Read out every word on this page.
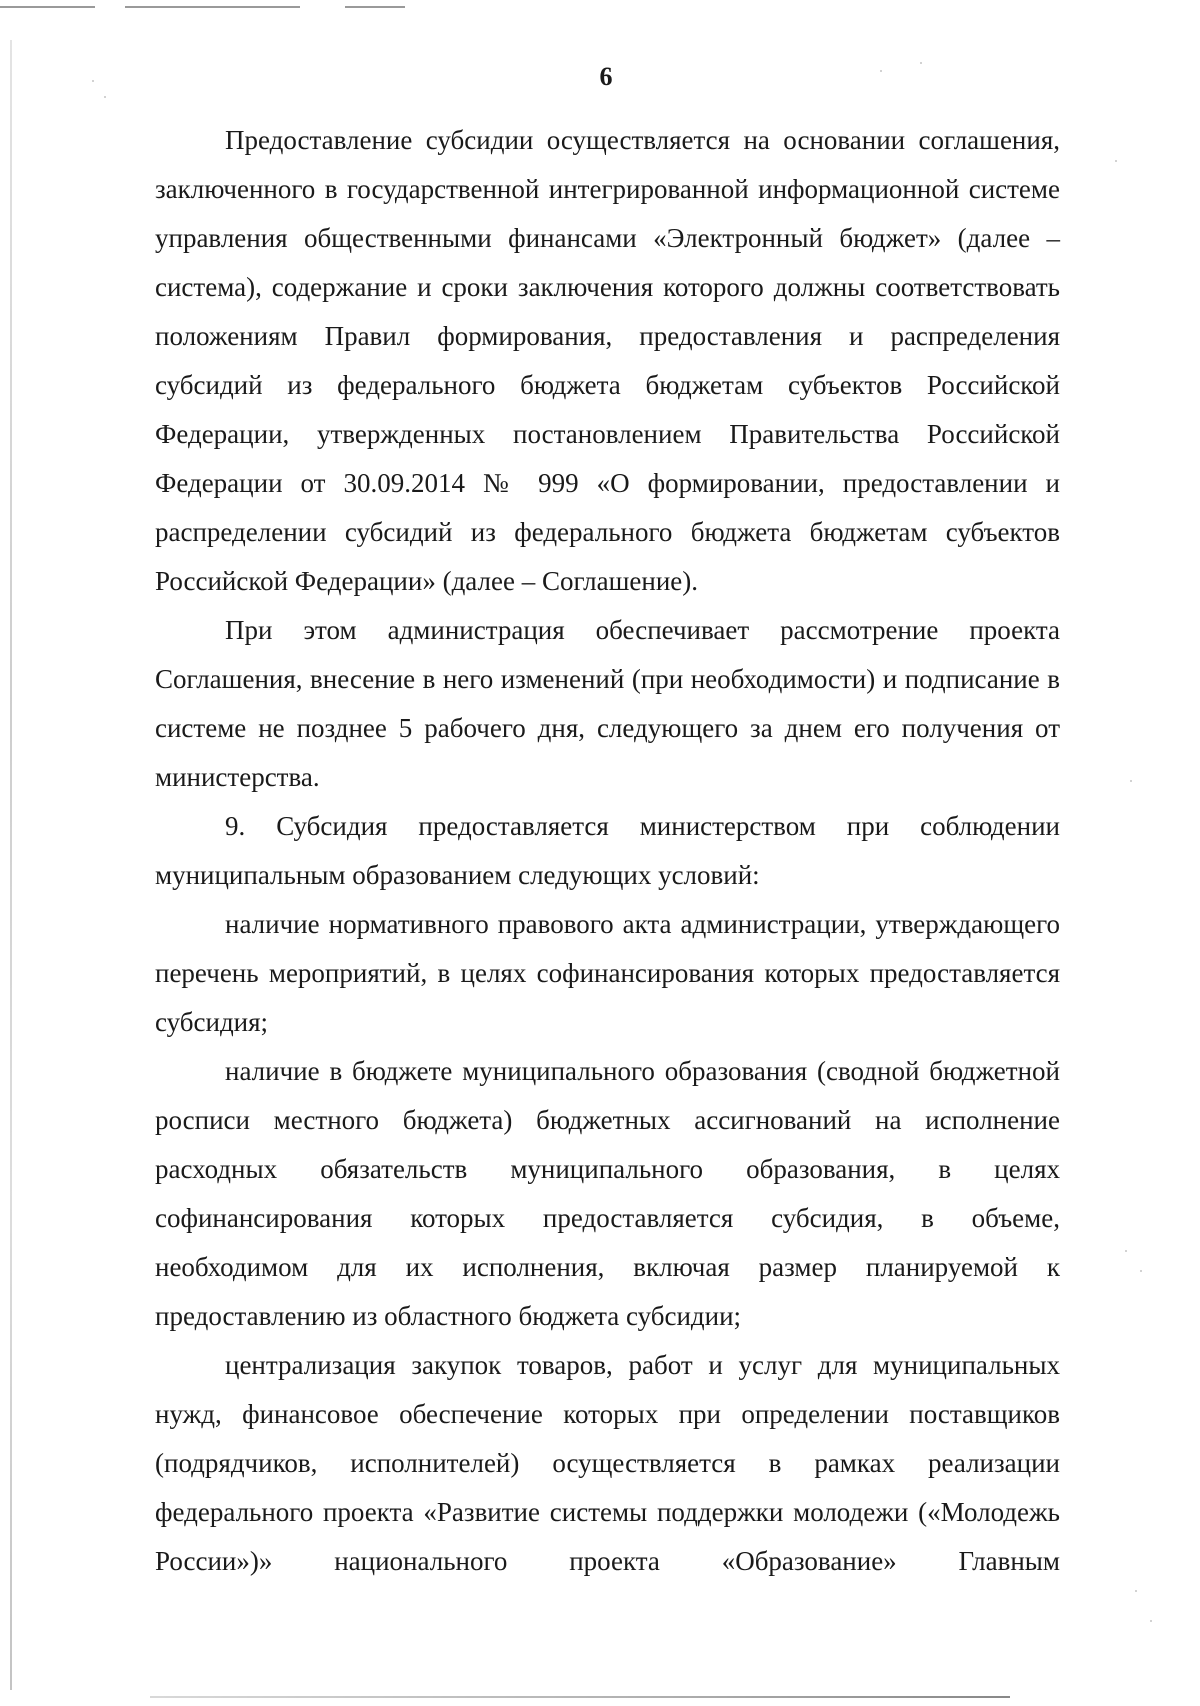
6

Предоставление субсидии осуществляется на основании соглашения, заключенного в государственной интегрированной информационной системе управления общественными финансами «Электронный бюджет» (далее – система), содержание и сроки заключения которого должны соответствовать положениям Правил формирования, предоставления и распределения субсидий из федерального бюджета бюджетам субъектов Российской Федерации, утвержденных постановлением Правительства Российской Федерации от 30.09.2014 № 999 «О формировании, предоставлении и распределении субсидий из федерального бюджета бюджетам субъектов Российской Федерации» (далее – Соглашение).

При этом администрация обеспечивает рассмотрение проекта Соглашения, внесение в него изменений (при необходимости) и подписание в системе не позднее 5 рабочего дня, следующего за днем его получения от министерства.

9. Субсидия предоставляется министерством при соблюдении муниципальным образованием следующих условий:

наличие нормативного правового акта администрации, утверждающего перечень мероприятий, в целях софинансирования которых предоставляется субсидия;

наличие в бюджете муниципального образования (сводной бюджетной росписи местного бюджета) бюджетных ассигнований на исполнение расходных обязательств муниципального образования, в целях софинансирования которых предоставляется субсидия, в объеме, необходимом для их исполнения, включая размер планируемой к предоставлению из областного бюджета субсидии;

централизация закупок товаров, работ и услуг для муниципальных нужд, финансовое обеспечение которых при определении поставщиков (подрядчиков, исполнителей) осуществляется в рамках реализации федерального проекта «Развитие системы поддержки молодежи («Молодежь России»)» национального проекта «Образование» Главным
